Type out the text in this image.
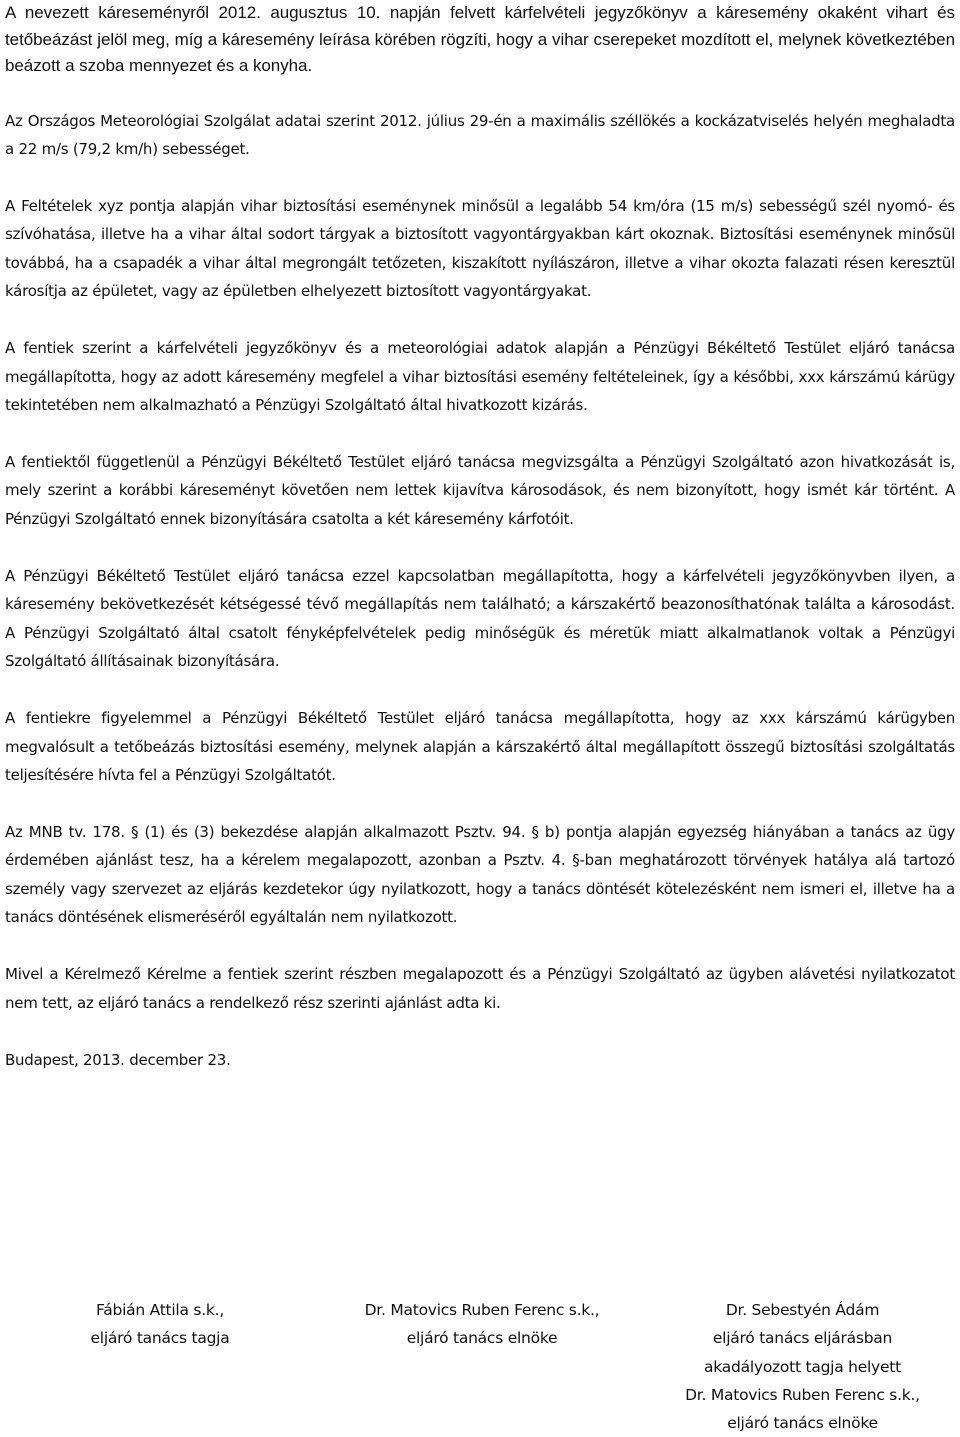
A nevezett káreseményről 2012. augusztus 10. napján felvett kárfelvételi jegyzőkönyv a káresemény okaként vihart és tetőbeázást jelöl meg, míg a káresemény leírása körében rögzíti, hogy a vihar cserepeket mozdított el, melynek következtében beázott a szoba mennyezet és a konyha.

Az Országos Meteorológiai Szolgálat adatai szerint 2012. július 29-én a maximális széllökés a kockázatviselés helyén meghaladta a 22 m/s (79,2 km/h) sebességet.

A Feltételek xyz pontja alapján vihar biztosítási eseménynek minősül a legalább 54 km/óra (15 m/s) sebességű szél nyomó- és szívóhatása, illetve ha a vihar által sodort tárgyak a biztosított vagyontárgyakban kárt okoznak. Biztosítási eseménynek minősül továbbá, ha a csapadék a vihar által megrongált tetőzeten, kiszakított nyílászáron, illetve a vihar okozta falazati résen keresztül károsítja az épületet, vagy az épületben elhelyezett biztosított vagyontárgyakat.

A fentiek szerint a kárfelvételi jegyzőkönyv és a meteorológiai adatok alapján a Pénzügyi Békéltető Testület eljáró tanácsa megállapította, hogy az adott káresemény megfelel a vihar biztosítási esemény feltételeinek, így a későbbi, xxx kárszámú kárügy tekintetében nem alkalmazható a Pénzügyi Szolgáltató által hivatkozott kizárás.

A fentiektől függetlenül a Pénzügyi Békéltető Testület eljáró tanácsa megvizsgálta a Pénzügyi Szolgáltató azon hivatkozását is, mely szerint a korábbi káreseményt követően nem lettek kijavítva károsodások, és nem bizonyított, hogy ismét kár történt. A Pénzügyi Szolgáltató ennek bizonyítására csatolta a két káresemény kárfotóit.

A Pénzügyi Békéltető Testület eljáró tanácsa ezzel kapcsolatban megállapította, hogy a kárfelvételi jegyzőkönyvben ilyen, a káresemény bekövetkezését kétségessé tévő megállapítás nem található; a kárszakértő beazonosíthatónak találta a károsodást. A Pénzügyi Szolgáltató által csatolt fényképfelvételek pedig minőségük és méretük miatt alkalmatlanok voltak a Pénzügyi Szolgáltató állításainak bizonyítására.

A fentiekre figyelemmel a Pénzügyi Békéltető Testület eljáró tanácsa megállapította, hogy az xxx kárszámú kárügyben megvalósult a tetőbeázás biztosítási esemény, melynek alapján a kárszakértő által megállapított összegű biztosítási szolgáltatás teljesítésére hívta fel a Pénzügyi Szolgáltatót.

Az MNB tv. 178. § (1) és (3) bekezdése alapján alkalmazott Psztv. 94. § b) pontja alapján egyezség hiányában a tanács az ügy érdemében ajánlást tesz, ha a kérelem megalapozott, azonban a Psztv. 4. §-ban meghatározott törvények hatálya alá tartozó személy vagy szervezet az eljárás kezdetekor úgy nyilatkozott, hogy a tanács döntését kötelezésként nem ismeri el, illetve ha a tanács döntésének elismeréséről egyáltalán nem nyilatkozott.

Mivel a Kérelmező Kérelme a fentiek szerint részben megalapozott és a Pénzügyi Szolgáltató az ügyben alávetési nyilatkozatot nem tett, az eljáró tanács a rendelkező rész szerinti ajánlást adta ki.

Budapest, 2013. december 23.

Fábián Attila s.k.,
eljáró tanács tagja
Dr. Matovics Ruben Ferenc s.k.,
eljáró tanács elnöke
Dr. Sebestyén Ádám
eljáró tanács eljárásban
akadályozott tagja helyett
Dr. Matovics Ruben Ferenc s.k.,
eljáró tanács elnöke
